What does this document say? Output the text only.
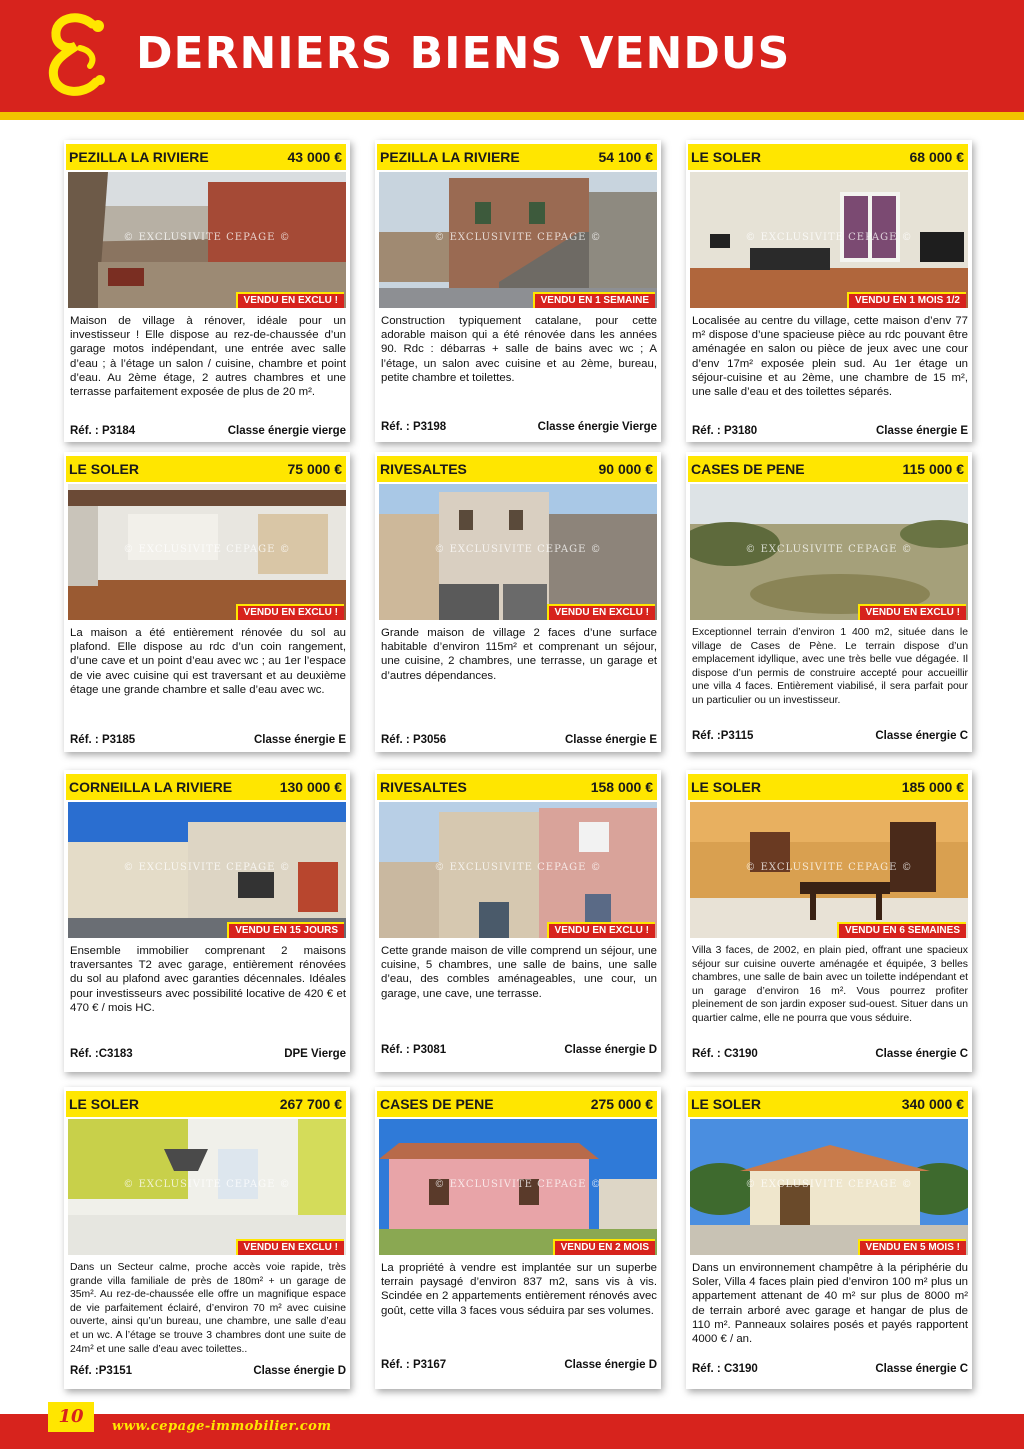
DERNIERS BIENS VENDUS
PEZILLA LA RIVIERE	43 000 €
© EXCLUSIVITE CEPAGE ©
VENDU EN EXCLU !
Maison de village à rénover, idéale pour un investisseur ! Elle dispose au rez-de-chaussée d’un garage motos indépendant, une entrée avec salle d’eau ; à l’étage un salon / cuisine, chambre et point d’eau. Au 2ème étage, 2 autres chambres et une terrasse parfaitement exposée de plus de 20 m².
Réf. : P3184	Classe énergie vierge
PEZILLA LA RIVIERE	54 100 €
© EXCLUSIVITE CEPAGE ©
VENDU EN 1 SEMAINE
Construction typiquement catalane, pour cette adorable maison qui a été rénovée dans les années 90. Rdc : débarras + salle de bains avec wc ; A l’étage, un salon avec cuisine et au 2ème, bureau, petite chambre et toilettes.
Réf. : P3198	Classe énergie Vierge
LE SOLER	68 000 €
© EXCLUSIVITE CEPAGE ©
VENDU EN 1 MOIS 1/2
Localisée au centre du village, cette maison d’env 77 m² dispose d’une spacieuse pièce au rdc pouvant être aménagée en salon ou pièce de jeux avec une cour d’env 17m² exposée plein sud. Au 1er étage un séjour-cuisine et au 2ème, une chambre de 15 m², une salle d’eau et des toilettes séparés.
Réf. : P3180	Classe énergie E
LE SOLER	75 000 €
© EXCLUSIVITE CEPAGE ©
VENDU EN EXCLU !
La maison a été entièrement rénovée du sol au plafond. Elle dispose au rdc d’un coin rangement, d’une cave et un point d’eau avec wc ; au 1er l’espace de vie avec cuisine qui est traversant et au deuxième étage une grande chambre et salle d’eau avec wc.
Réf. : P3185	Classe énergie E
RIVESALTES	90 000 €
© EXCLUSIVITE CEPAGE ©
VENDU EN EXCLU !
Grande maison de village 2 faces d’une surface habitable d’environ 115m² et comprenant un séjour, une cuisine, 2 chambres, une terrasse, un garage et d’autres dépendances.
Réf. : P3056	Classe énergie E
CASES DE PENE	115 000 €
© EXCLUSIVITE CEPAGE ©
VENDU EN EXCLU !
Exceptionnel terrain d’environ 1 400 m2, située dans le village de Cases de Pène. Le terrain dispose d’un emplacement idyllique, avec une très belle vue dégagée. Il dispose d’un permis de construire accepté pour accueillir une villa 4 faces. Entièrement viabilisé, il sera parfait pour un particulier ou un investisseur.
Réf. :P3115	Classe énergie C
CORNEILLA LA RIVIERE	130 000 €
© EXCLUSIVITE CEPAGE ©
VENDU EN 15 JOURS
Ensemble immobilier comprenant 2 maisons traversantes T2 avec garage, entièrement rénovées du sol au plafond avec garanties décennales. Idéales pour investisseurs avec possibilité locative de 420 € et 470 € / mois HC.
Réf. :C3183	DPE Vierge
RIVESALTES	158 000 €
© EXCLUSIVITE CEPAGE ©
VENDU EN EXCLU !
Cette grande maison de ville comprend un séjour, une cuisine, 5 chambres, une salle de bains, une salle d’eau, des combles aménageables, une cour, un garage, une cave, une terrasse.
Réf. : P3081	Classe énergie D
LE SOLER	185 000 €
© EXCLUSIVITE CEPAGE ©
VENDU EN 6 SEMAINES
Villa 3 faces, de 2002, en plain pied, offrant une spacieux séjour sur cuisine ouverte aménagée et équipée, 3 belles chambres, une salle de bain avec un toilette indépendant et un garage d’environ 16 m². Vous pourrez profiter pleinement de son jardin exposer sud-ouest. Situer dans un quartier calme, elle ne pourra que vous séduire.
Réf. : C3190	Classe énergie C
LE SOLER	267 700 €
© EXCLUSIVITE CEPAGE ©
VENDU EN EXCLU !
Dans un Secteur calme, proche accès voie rapide, très grande villa familiale de près de 180m² + un garage de 35m². Au rez-de-chaussée elle offre un magnifique espace de vie parfaitement éclairé, d’environ 70 m² avec cuisine ouverte, ainsi qu’un bureau, une chambre, une salle d’eau et un wc. A l’étage se trouve 3 chambres dont une suite de 24m² et une salle d’eau avec toilettes..
Réf. :P3151	Classe énergie D
CASES DE PENE	275 000 €
© EXCLUSIVITE CEPAGE ©
VENDU EN 2 MOIS
La propriété à vendre est implantée sur un superbe terrain paysagé d’environ 837 m2, sans vis à vis. Scindée en 2 appartements entièrement rénovés avec goût, cette villa 3 faces vous séduira par ses volumes.
Réf. : P3167	Classe énergie D
LE SOLER	340 000 €
© EXCLUSIVITE CEPAGE ©
VENDU EN 5 MOIS !
Dans un environnement champêtre à la périphérie du Soler, Villa 4 faces plain pied d’environ 100 m² plus un appartement attenant de 40 m² sur plus de 8000 m² de terrain arboré avec garage et hangar de plus de 110 m². Panneaux solaires posés et payés rapportent 4000 € / an.
Réf. : C3190	Classe énergie C
10	www.cepage-immobilier.com
